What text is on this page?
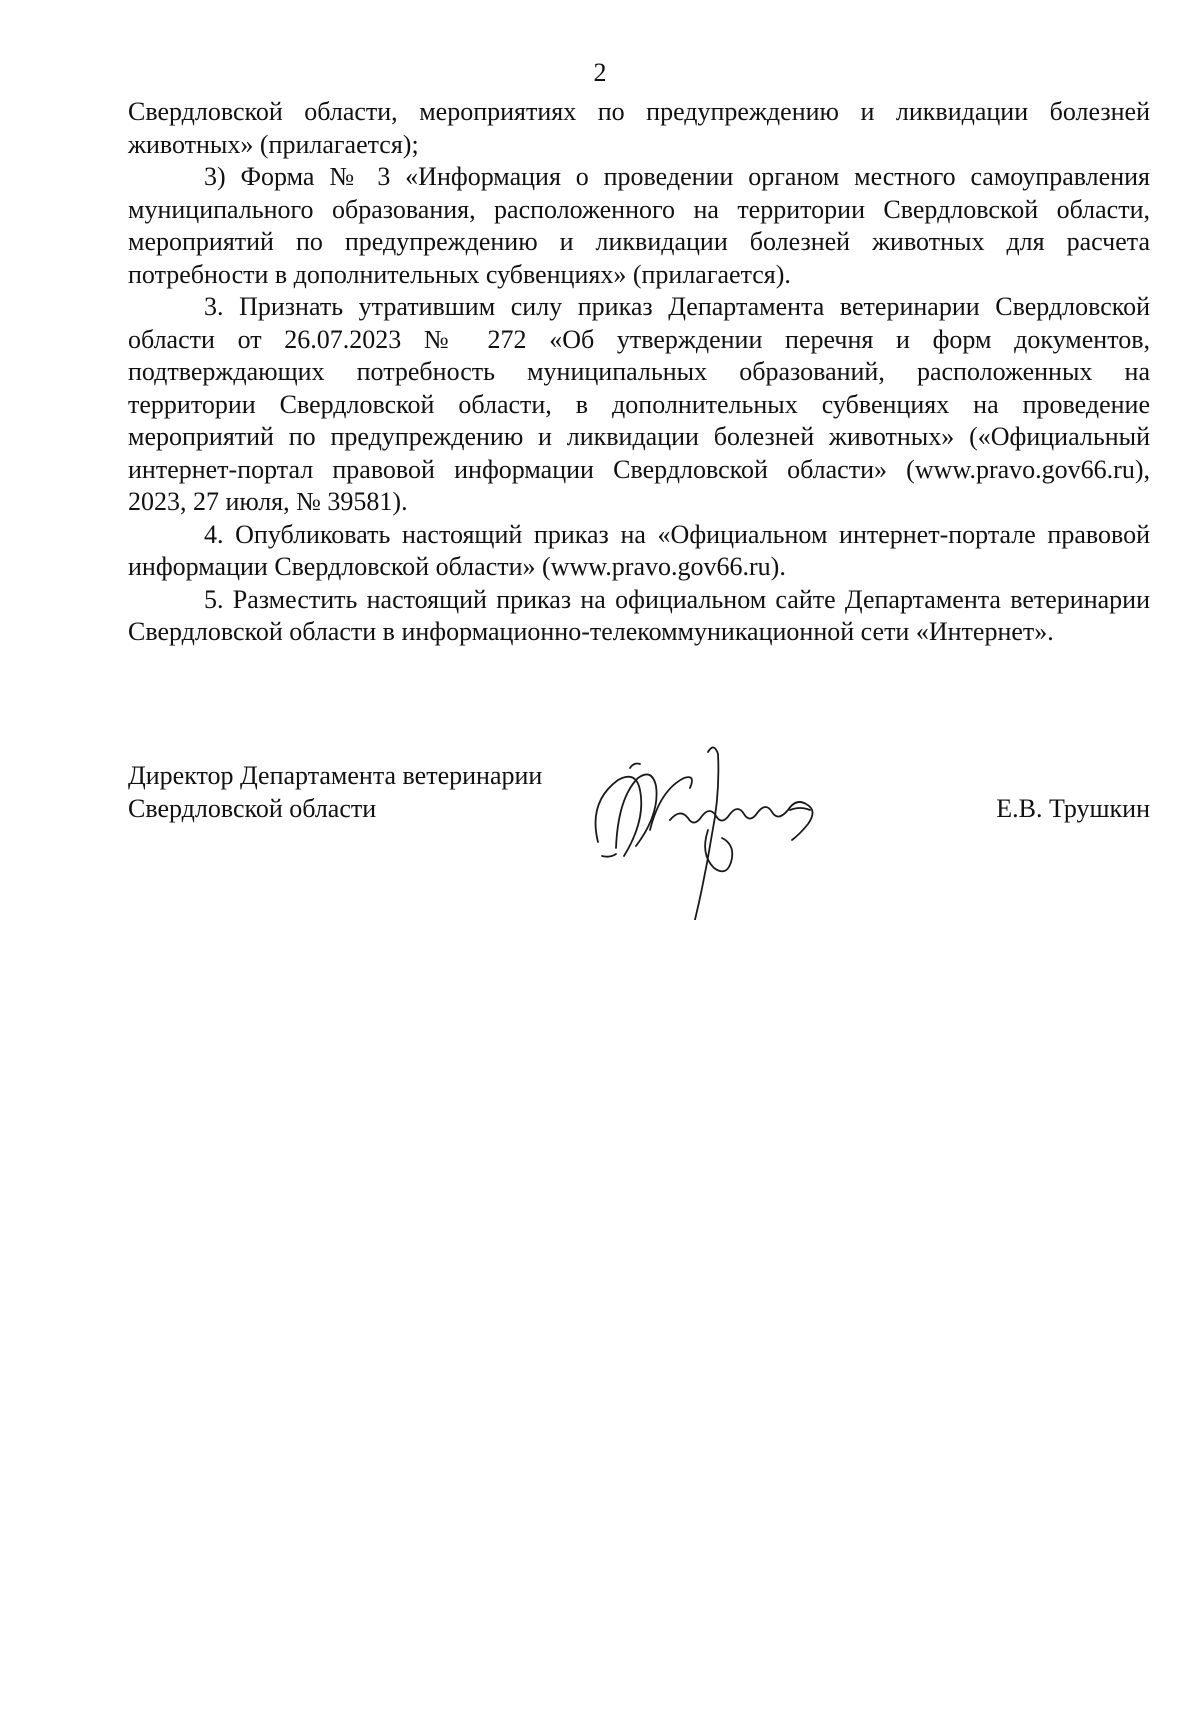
2

Свердловской области, мероприятиях по предупреждению и ликвидации болезней животных» (прилагается);

3) Форма № 3 «Информация о проведении органом местного самоуправления муниципального образования, расположенного на территории Свердловской области, мероприятий по предупреждению и ликвидации болезней животных для расчета потребности в дополнительных субвенциях» (прилагается).

3. Признать утратившим силу приказ Департамента ветеринарии Свердловской области от 26.07.2023 № 272 «Об утверждении перечня и форм документов, подтверждающих потребность муниципальных образований, расположенных на территории Свердловской области, в дополнительных субвенциях на проведение мероприятий по предупреждению и ликвидации болезней животных» («Официальный интернет-портал правовой информации Свердловской области» (www.pravo.gov66.ru), 2023, 27 июля, № 39581).

4. Опубликовать настоящий приказ на «Официальном интернет-портале правовой информации Свердловской области» (www.pravo.gov66.ru).

5. Разместить настоящий приказ на официальном сайте Департамента ветеринарии Свердловской области в информационно-телекоммуникационной сети «Интернет».

Директор Департамента ветеринарии
Свердловской области	Е.В. Трушкин
